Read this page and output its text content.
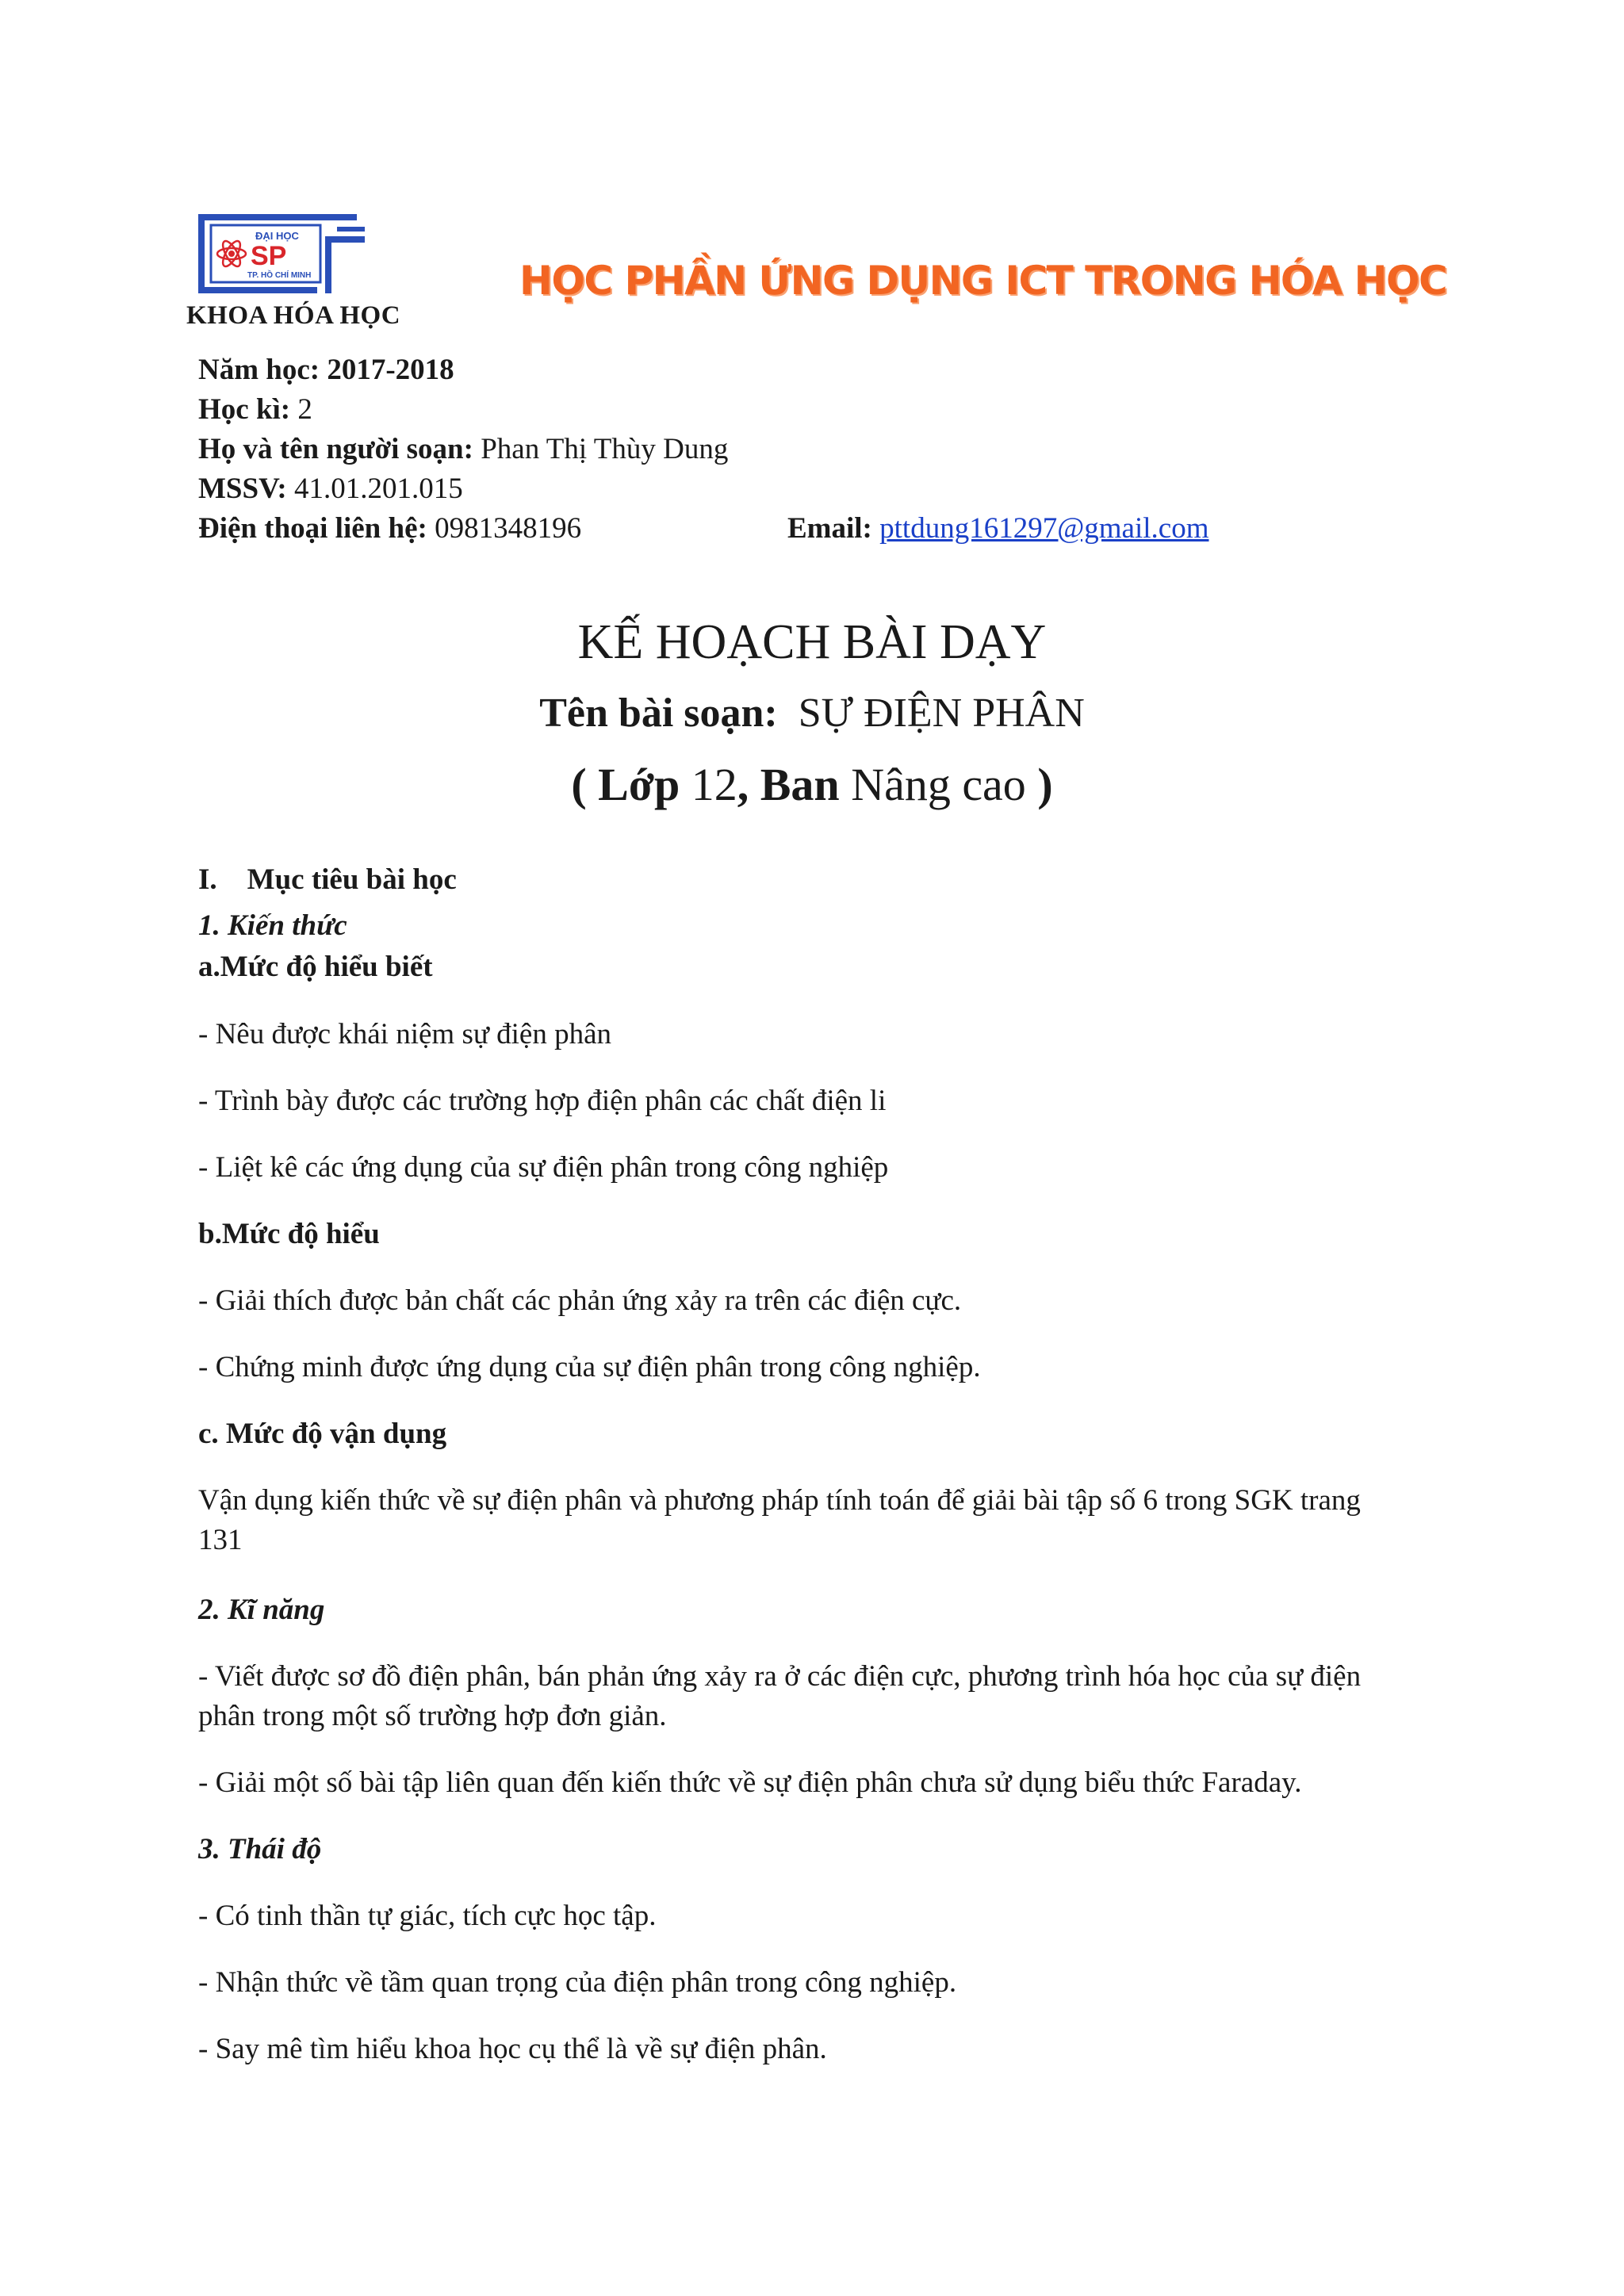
ĐẠI HỌC
SP
TP. HỒ CHÍ MINH
KHOA HÓA HỌC
HỌC PHẦN ỨNG DỤNG ICT TRONG HÓA HỌC
Năm học: 2017-2018
Học kì: 2
Họ và tên người soạn: Phan Thị Thùy Dung
MSSV: 41.01.201.015
Điện thoại liên hệ: 0981348196	Email: pttdung161297@gmail.com
KẾ HOẠCH BÀI DẠY
Tên bài soạn: SỰ ĐIỆN PHÂN
( Lớp 12, Ban Nâng cao )
I. Mục tiêu bài học
1. Kiến thức
a.Mức độ hiểu biết
- Nêu được khái niệm sự điện phân
- Trình bày được các trường hợp điện phân các chất điện li
- Liệt kê các ứng dụng của sự điện phân trong công nghiệp
b.Mức độ hiểu
- Giải thích được bản chất các phản ứng xảy ra trên các điện cực.
- Chứng minh được ứng dụng của sự điện phân trong công nghiệp.
c. Mức độ vận dụng
Vận dụng kiến thức về sự điện phân và phương pháp tính toán để giải bài tập số 6 trong SGK trang
131
2. Kĩ năng
- Viết được sơ đồ điện phân, bán phản ứng xảy ra ở các điện cực, phương trình hóa học của sự điện
phân trong một số trường hợp đơn giản.
- Giải một số bài tập liên quan đến kiến thức về sự điện phân chưa sử dụng biểu thức Faraday.
3. Thái độ
- Có tinh thần tự giác, tích cực học tập.
- Nhận thức về tầm quan trọng của điện phân trong công nghiệp.
- Say mê tìm hiểu khoa học cụ thể là về sự điện phân.
